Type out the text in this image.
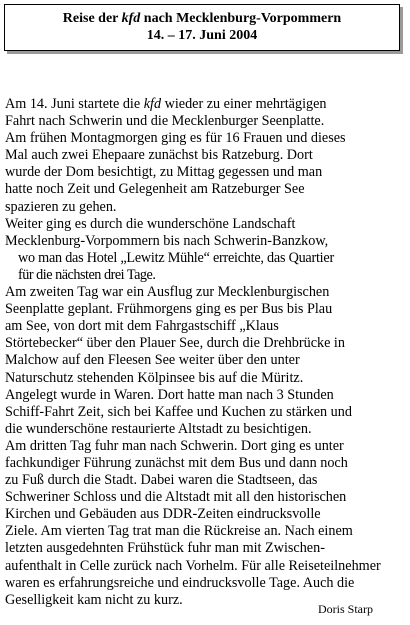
Reise der kfd nach Mecklenburg-Vorpommern
14. – 17. Juni 2004

Am 14. Juni startete die kfd wieder zu einer mehrtägigen
Fahrt nach Schwerin und die Mecklenburger Seenplatte.
Am frühen Montagmorgen ging es für 16 Frauen und dieses
Mal auch zwei Ehepaare zunächst bis Ratzeburg. Dort
wurde der Dom besichtigt, zu Mittag gegessen und man
hatte noch Zeit und Gelegenheit am Ratzeburger See
spazieren zu gehen.

Weiter ging es durch die wunderschöne Landschaft
Mecklenburg-Vorpommern bis nach Schwerin-Banzkow,
wo man das Hotel „Lewitz Mühle“ erreichte, das Quartier
für die nächsten drei Tage.

Am zweiten Tag war ein Ausflug zur Mecklenburgischen
Seenplatte geplant. Frühmorgens ging es per Bus bis Plau
am See, von dort mit dem Fahrgastschiff „Klaus
Störtebecker“ über den Plauer See, durch die Drehbrücke in
Malchow auf den Fleesen See weiter über den unter
Naturschutz stehenden Kölpinsee bis auf die Müritz.

Angelegt wurde in Waren. Dort hatte man nach 3 Stunden
Schiff-Fahrt Zeit, sich bei Kaffee und Kuchen zu stärken und
die wunderschöne restaurierte Altstadt zu besichtigen.

Am dritten Tag fuhr man nach Schwerin. Dort ging es unter
fachkundiger Führung zunächst mit dem Bus und dann noch
zu Fuß durch die Stadt. Dabei waren die Stadtseen, das
Schweriner Schloss und die Altstadt mit all den historischen
Kirchen und Gebäuden aus DDR-Zeiten eindrucksvolle
Ziele. Am vierten Tag trat man die Rückreise an. Nach einem
letzten ausgedehnten Frühstück fuhr man mit Zwischen-
aufenthalt in Celle zurück nach Vorhelm. Für alle Reiseteilnehmer
waren es erfahrungsreiche und eindrucksvolle Tage. Auch die
Geselligkeit kam nicht zu kurz.

Doris Starp
